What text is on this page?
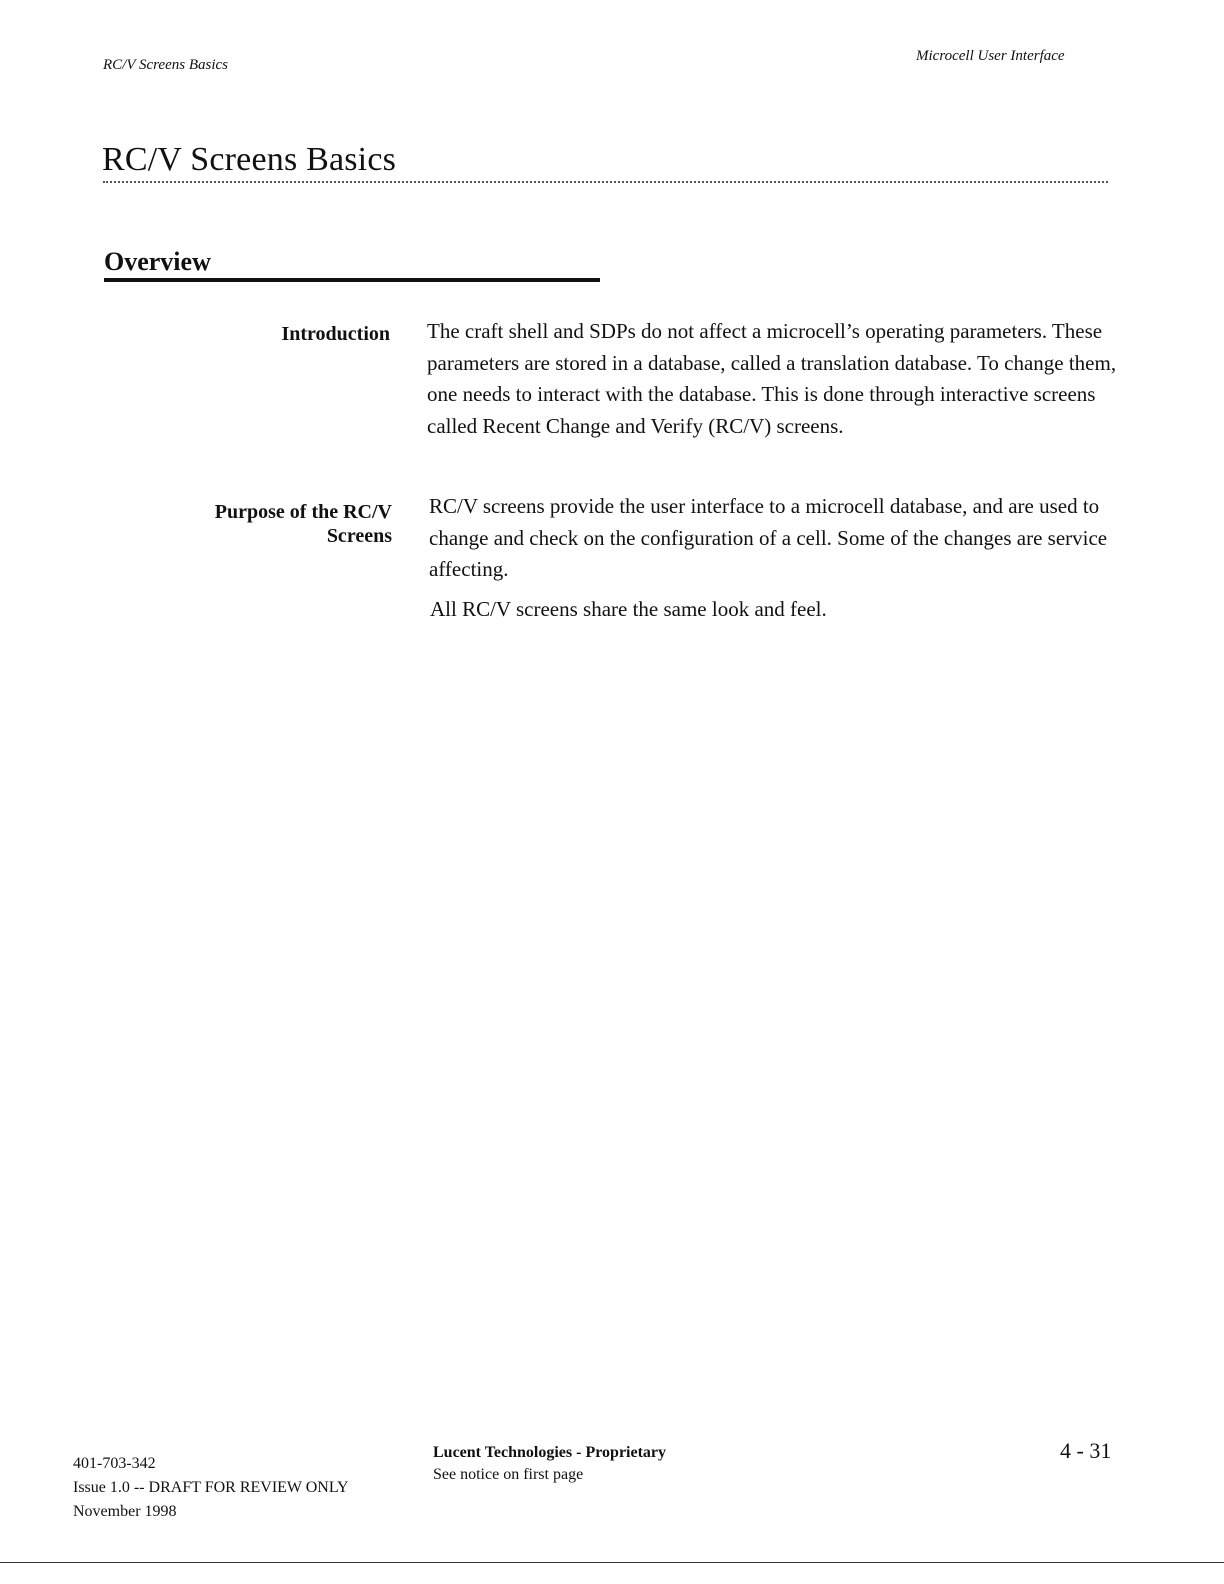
RC/V Screens Basics
Microcell User Interface
RC/V Screens Basics
Overview
Introduction The craft shell and SDPs do not affect a microcell’s operating parameters. These parameters are stored in a database, called a translation database. To change them, one needs to interact with the database. This is done through interactive screens called Recent Change and Verify (RC/V) screens.

Purpose of the RC/V
Screens

RC/V screens provide the user interface to a microcell database, and are used to change and check on the configuration of a cell. Some of the changes are service affecting.

All RC/V screens share the same look and feel.

401-703-342
Issue 1.0 -- DRAFT FOR REVIEW ONLY
November 1998
Lucent Technologies - Proprietary
See notice on first page
4 - 31
